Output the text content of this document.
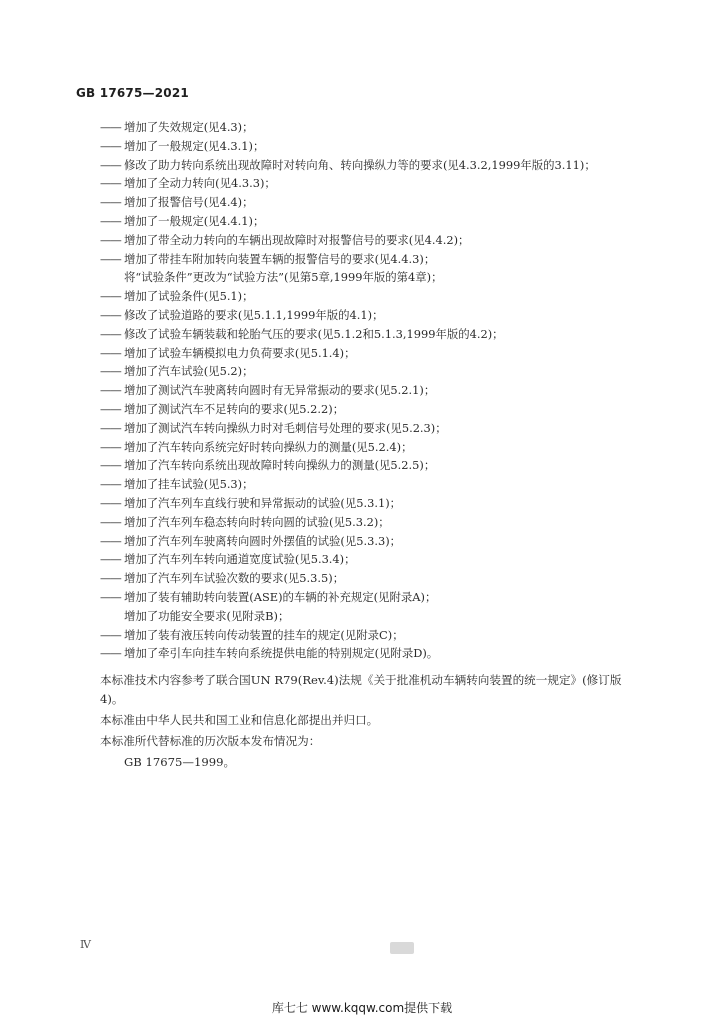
GB 17675—2021
—— 增加了失效规定(见4.3)；
—— 增加了一般规定(见4.3.1)；
—— 修改了助力转向系统出现故障时对转向角、转向操纵力等的要求(见4.3.2,1999年版的3.11)；
—— 增加了全动力转向(见4.3.3)；
—— 增加了报警信号(见4.4)；
—— 增加了一般规定(见4.4.1)；
—— 增加了带全动力转向的车辆出现故障时对报警信号的要求(见4.4.2)；
—— 增加了带挂车附加转向装置车辆的报警信号的要求(见4.4.3)；
将“试验条件”更改为“试验方法”(见第5章,1999年版的第4章)；
—— 增加了试验条件(见5.1)；
—— 修改了试验道路的要求(见5.1.1,1999年版的4.1)；
—— 修改了试验车辆装载和轮胎气压的要求(见5.1.2和5.1.3,1999年版的4.2)；
—— 增加了试验车辆模拟电力负荷要求(见5.1.4)；
—— 增加了汽车试验(见5.2)；
—— 增加了测试汽车驶离转向圆时有无异常振动的要求(见5.2.1)；
—— 增加了测试汽车不足转向的要求(见5.2.2)；
—— 增加了测试汽车转向操纵力时对毛刺信号处理的要求(见5.2.3)；
—— 增加了汽车转向系统完好时转向操纵力的测量(见5.2.4)；
—— 增加了汽车转向系统出现故障时转向操纵力的测量(见5.2.5)；
—— 增加了挂车试验(见5.3)；
—— 增加了汽车列车直线行驶和异常振动的试验(见5.3.1)；
—— 增加了汽车列车稳态转向时转向圆的试验(见5.3.2)；
—— 增加了汽车列车驶离转向圆时外摆值的试验(见5.3.3)；
—— 增加了汽车列车转向通道宽度试验(见5.3.4)；
—— 增加了汽车列车试验次数的要求(见5.3.5)；
—— 增加了装有辅助转向装置(ASE)的车辆的补充规定(见附录A)；
增加了功能安全要求(见附录B)；
—— 增加了装有液压转向传动装置的挂车的规定(见附录C)；
—— 增加了牵引车向挂车转向系统提供电能的特别规定(见附录D)。
本标准技术内容参考了联合国UN R79(Rev.4)法规《关于批准机动车辆转向装置的统一规定》(修订版4)。
本标准由中华人民共和国工业和信息化部提出并归口。
本标准所代替标准的历次版本发布情况为：
GB 17675—1999。
Ⅳ
库七七 www.kqqw.com提供下载
